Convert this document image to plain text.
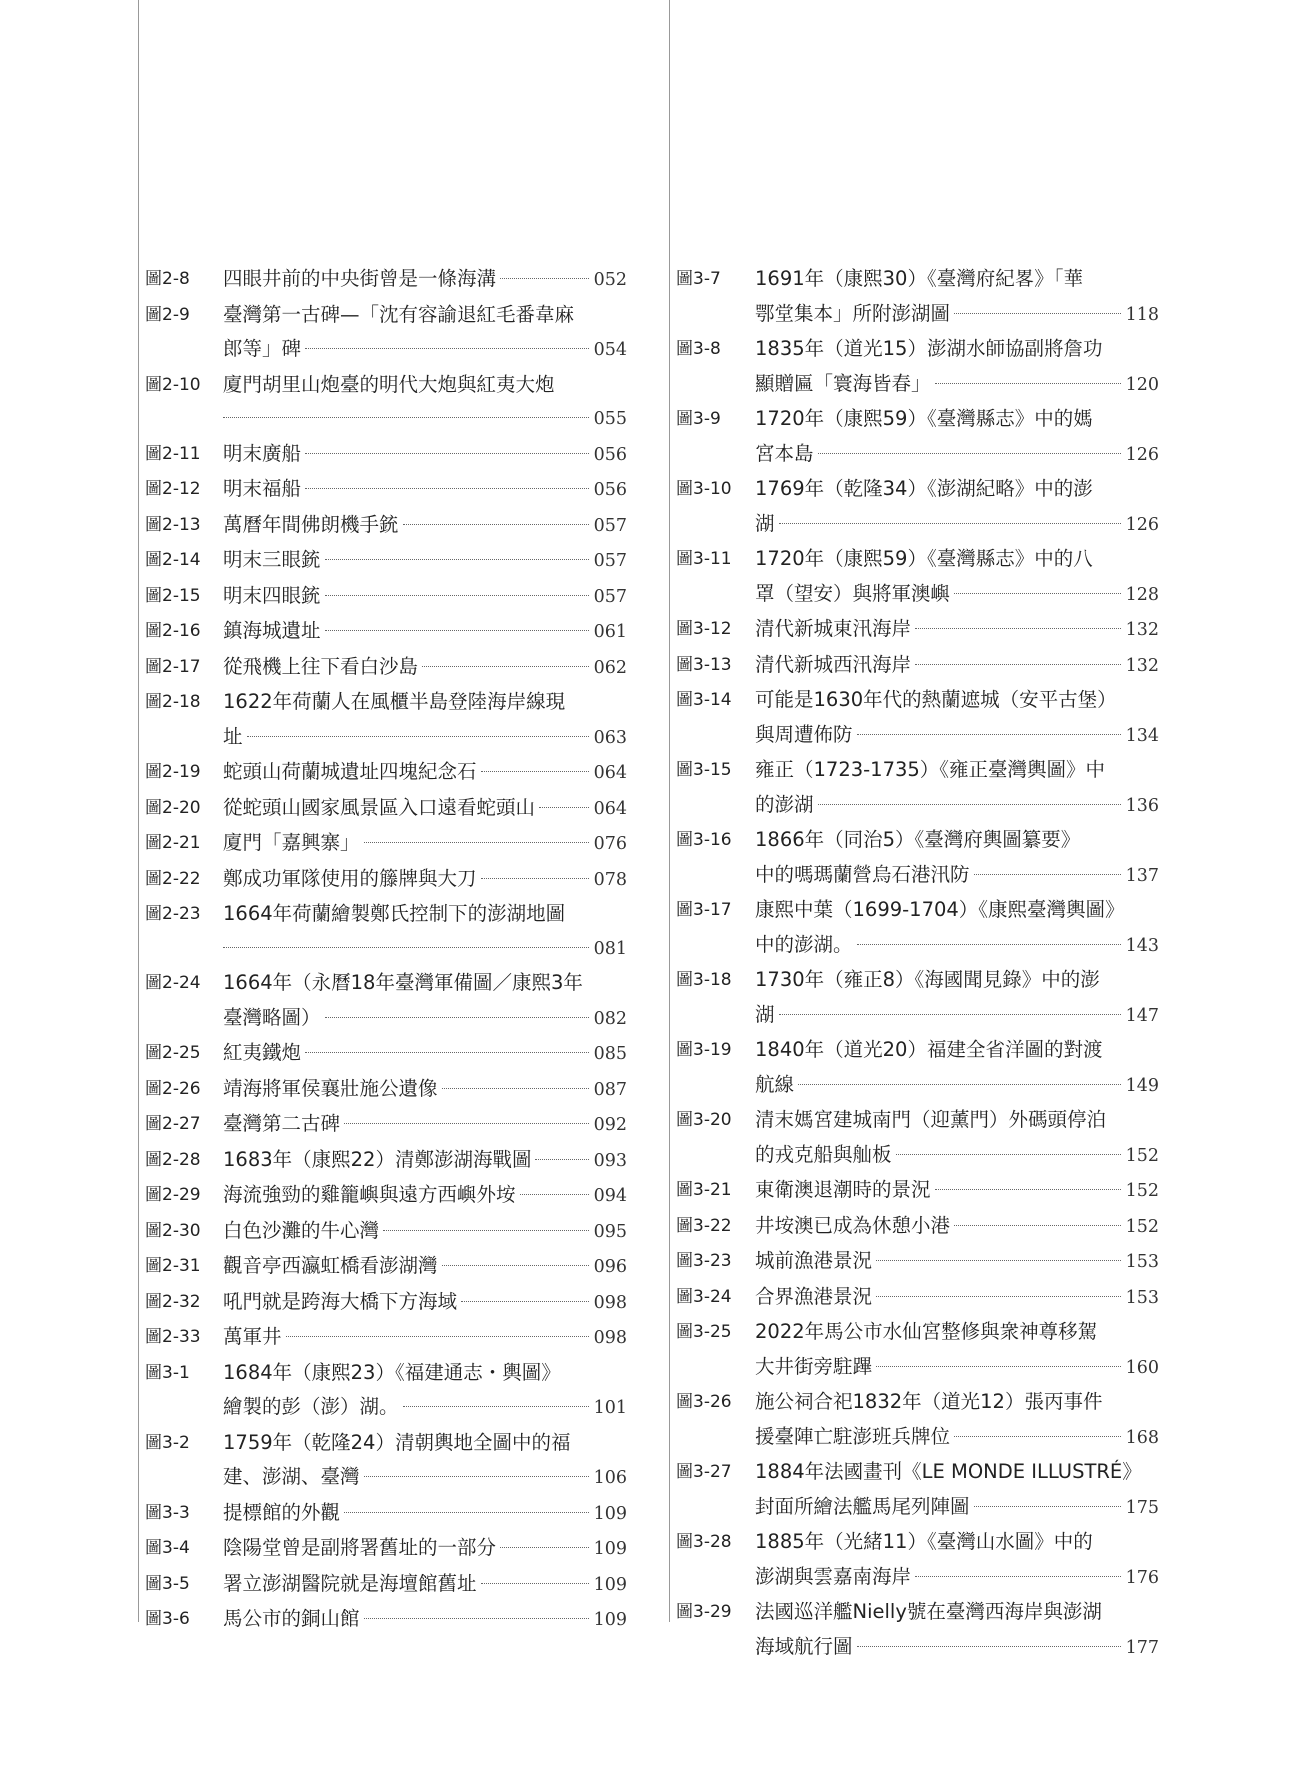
圖2-8	四眼井前的中央街曾是一條海溝	052
圖2-9	臺灣第一古碑—「沈有容諭退紅毛番韋麻
郎等」碑	054
圖2-10	廈門胡里山炮臺的明代大炮與紅夷大炮
055
圖2-11	明末廣船	056
圖2-12	明末福船	056
圖2-13	萬曆年間佛朗機手銃	057
圖2-14	明末三眼銃	057
圖2-15	明末四眼銃	057
圖2-16	鎮海城遺址	061
圖2-17	從飛機上往下看白沙島	062
圖2-18	1622年荷蘭人在風櫃半島登陸海岸線現
址	063
圖2-19	蛇頭山荷蘭城遺址四塊紀念石	064
圖2-20	從蛇頭山國家風景區入口遠看蛇頭山	064
圖2-21	廈門「嘉興寨」	076
圖2-22	鄭成功軍隊使用的籐牌與大刀	078
圖2-23	1664年荷蘭繪製鄭氏控制下的澎湖地圖
081
圖2-24	1664年（永曆18年臺灣軍備圖／康熙3年
臺灣略圖）	082
圖2-25	紅夷鐵炮	085
圖2-26	靖海將軍侯襄壯施公遺像	087
圖2-27	臺灣第二古碑	092
圖2-28	1683年（康熙22）清鄭澎湖海戰圖	093
圖2-29	海流強勁的雞籠嶼與遠方西嶼外垵	094
圖2-30	白色沙灘的牛心灣	095
圖2-31	觀音亭西瀛虹橋看澎湖灣	096
圖2-32	吼門就是跨海大橋下方海域	098
圖2-33	萬軍井	098
圖3-1	1684年（康熙23）《福建通志・輿圖》
繪製的彭（澎）湖。	101
圖3-2	1759年（乾隆24）清朝輿地全圖中的福
建、澎湖、臺灣	106
圖3-3	提標館的外觀	109
圖3-4	陰陽堂曾是副將署舊址的一部分	109
圖3-5	署立澎湖醫院就是海壇館舊址	109
圖3-6	馬公市的銅山館	109
圖3-7	1691年（康熙30）《臺灣府紀畧》「華
鄂堂集本」所附澎湖圖	118
圖3-8	1835年（道光15）澎湖水師協副將詹功
顯贈匾「寰海皆春」	120
圖3-9	1720年（康熙59）《臺灣縣志》中的媽
宮本島	126
圖3-10	1769年（乾隆34）《澎湖紀略》中的澎
湖	126
圖3-11	1720年（康熙59）《臺灣縣志》中的八
罩（望安）與將軍澳嶼	128
圖3-12	清代新城東汛海岸	132
圖3-13	清代新城西汛海岸	132
圖3-14	可能是1630年代的熱蘭遮城（安平古堡）
與周遭佈防	134
圖3-15	雍正（1723-1735）《雍正臺灣輿圖》中
的澎湖	136
圖3-16	1866年（同治5）《臺灣府輿圖纂要》
中的嗎瑪蘭營烏石港汛防	137
圖3-17	康熙中葉（1699-1704）《康熙臺灣輿圖》
中的澎湖。	143
圖3-18	1730年（雍正8）《海國聞見錄》中的澎
湖	147
圖3-19	1840年（道光20）福建全省洋圖的對渡
航線	149
圖3-20	清末媽宮建城南門（迎薰門）外碼頭停泊
的戎克船與舢板	152
圖3-21	東衛澳退潮時的景況	152
圖3-22	井垵澳已成為休憩小港	152
圖3-23	城前漁港景況	153
圖3-24	合界漁港景況	153
圖3-25	2022年馬公市水仙宮整修與衆神尊移駕
大井街旁駐蹕	160
圖3-26	施公祠合祀1832年（道光12）張丙事件
援臺陣亡駐澎班兵牌位	168
圖3-27	1884年法國畫刊《LE MONDE ILLUSTRÉ》
封面所繪法艦馬尾列陣圖	175
圖3-28	1885年（光緒11）《臺灣山水圖》中的
澎湖與雲嘉南海岸	176
圖3-29	法國巡洋艦Nielly號在臺灣西海岸與澎湖
海域航行圖	177
